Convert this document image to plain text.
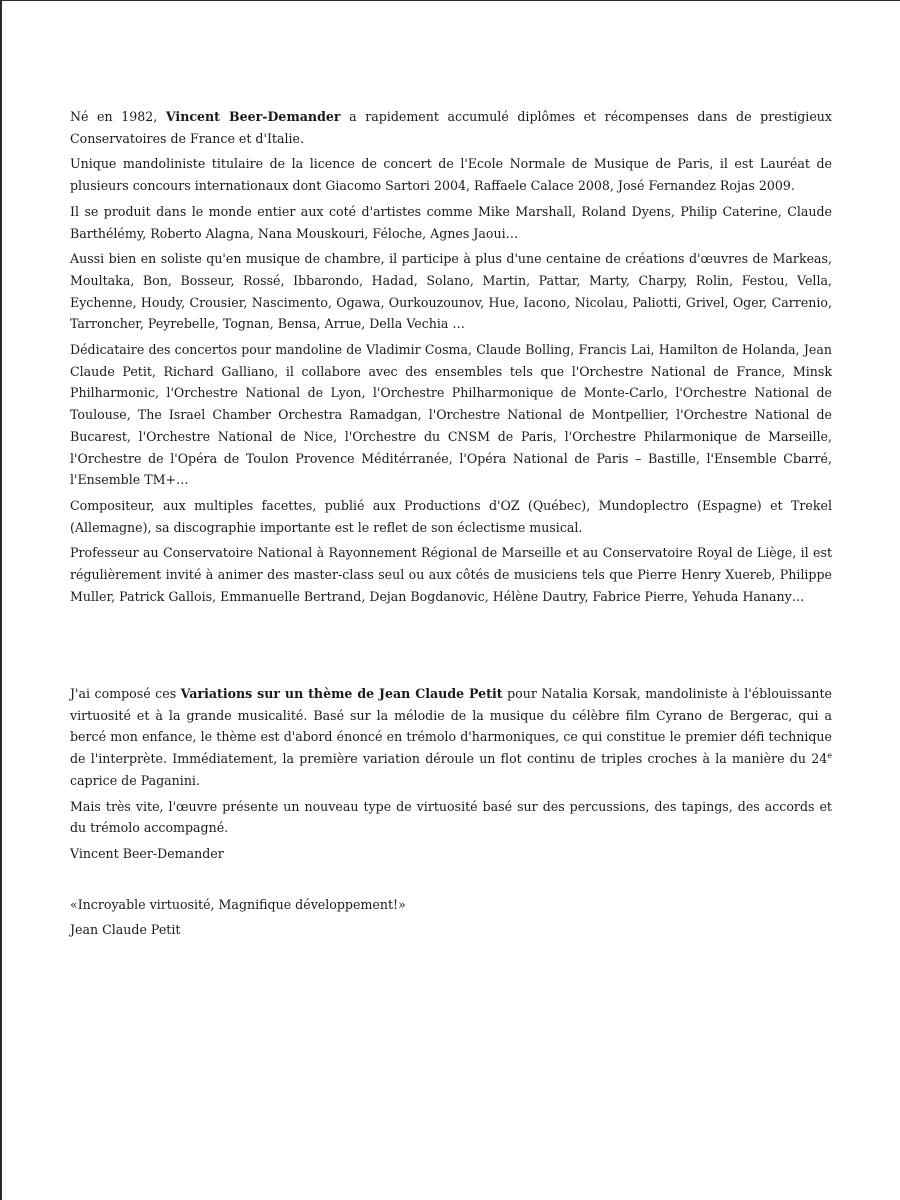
Né en 1982, Vincent Beer-Demander a rapidement accumulé diplômes et récompenses dans de prestigieux Conservatoires de France et d'Italie.

Unique mandoliniste titulaire de la licence de concert de l'Ecole Normale de Musique de Paris, il est Lauréat de plusieurs concours internationaux dont Giacomo Sartori 2004, Raffaele Calace 2008, José Fernandez Rojas 2009.

Il se produit dans le monde entier aux coté d'artistes comme Mike Marshall, Roland Dyens, Philip Caterine, Claude Barthélémy, Roberto Alagna, Nana Mouskouri, Féloche, Agnes Jaoui…

Aussi bien en soliste qu'en musique de chambre, il participe à plus d'une centaine de créations d'œuvres de Markeas, Moultaka, Bon, Bosseur, Rossé, Ibbarondo, Hadad, Solano, Martin, Pattar, Marty, Charpy, Rolin, Festou, Vella, Eychenne, Houdy, Crousier, Nascimento, Ogawa, Ourkouzounov, Hue, Iacono, Nicolau, Paliotti, Grivel, Oger, Carrenio, Tarroncher, Peyrebelle, Tognan, Bensa, Arrue, Della Vechia …

Dédicataire des concertos pour mandoline de Vladimir Cosma, Claude Bolling, Francis Lai, Hamilton de Holanda, Jean Claude Petit, Richard Galliano, il collabore avec des ensembles tels que l'Orchestre National de France, Minsk Philharmonic, l'Orchestre National de Lyon, l'Orchestre Philharmonique de Monte-Carlo, l'Orchestre National de Toulouse, The Israel Chamber Orchestra Ramadgan, l'Orchestre National de Montpellier, l'Orchestre National de Bucarest, l'Orchestre National de Nice, l'Orchestre du CNSM de Paris, l'Orchestre Philarmonique de Marseille, l'Orchestre de l'Opéra de Toulon Provence Méditérranée, l'Opéra National de Paris – Bastille, l'Ensemble Cbarré, l'Ensemble TM+…

Compositeur, aux multiples facettes, publié aux Productions d'OZ (Québec), Mundoplectro (Espagne) et Trekel (Allemagne), sa discographie importante est le reflet de son éclectisme musical.

Professeur au Conservatoire National à Rayonnement Régional de Marseille et au Conservatoire Royal de Liège, il est régulièrement invité à animer des master-class seul ou aux côtés de musiciens tels que Pierre Henry Xuereb, Philippe Muller, Patrick Gallois, Emmanuelle Bertrand, Dejan Bogdanovic, Hélène Dautry, Fabrice Pierre, Yehuda Hanany…

J'ai composé ces Variations sur un thème de Jean Claude Petit pour Natalia Korsak, mandoliniste à l'éblouissante virtuosité et à la grande musicalité. Basé sur la mélodie de la musique du célèbre film Cyrano de Bergerac, qui a bercé mon enfance, le thème est d'abord énoncé en trémolo d'harmoniques, ce qui constitue le premier défi technique de l'interprète. Immédiatement, la première variation déroule un flot continu de triples croches à la manière du 24e caprice de Paganini.

Mais très vite, l'œuvre présente un nouveau type de virtuosité basé sur des percussions, des tapings, des accords et du trémolo accompagné.

Vincent Beer-Demander

«Incroyable virtuosité, Magnifique développement!»

Jean Claude Petit
